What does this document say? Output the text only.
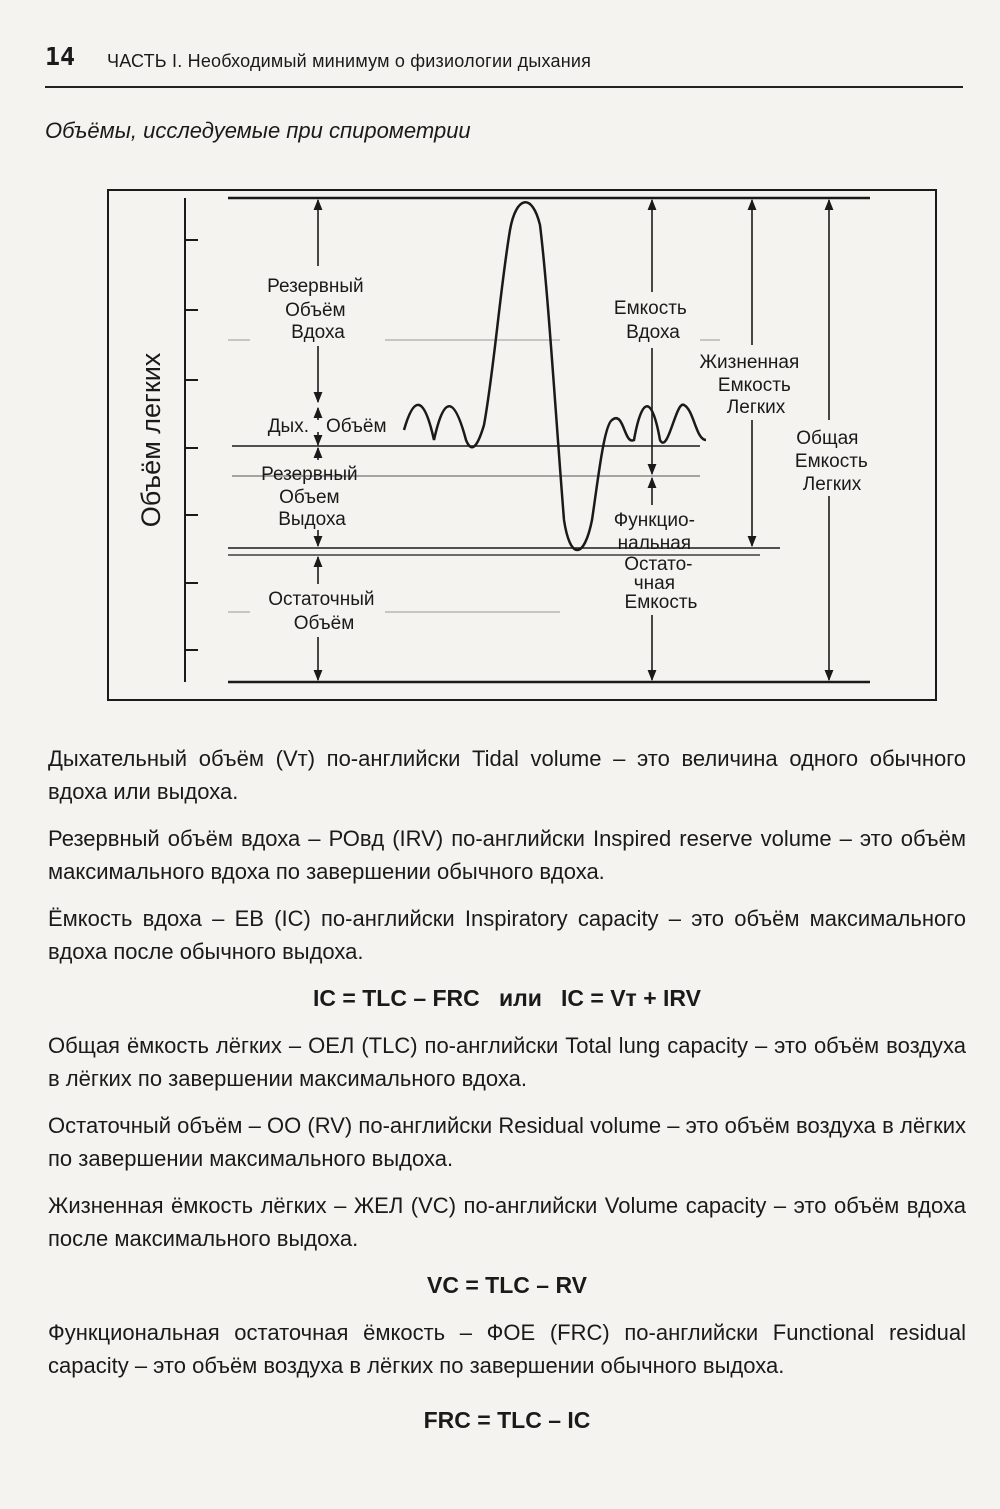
14 ЧАСТЬ I. Необходимый минимум о физиологии дыхания
Объёмы, исследуемые при спирометрии
Объём легких
Резервный Объём Вдоха
Дых. Объём
Резервный Объем Выдоха
Остаточный Объём
Емкость Вдоха
Функцио- нальная Остато- чная Емкость
Жизненная Емкость Легких
Общая Емкость Легких

Дыхательный объём (Vт) по-английски Tidal volume – это величина одного обычного вдоха или выдоха.

Резервный объём вдоха – РОвд (IRV) по-английски Inspired reserve volume – это объём максимального вдоха по завершении обычного вдоха.

Ёмкость вдоха – ЕВ (IC) по-английски Inspiratory capacity – это объём максимального вдоха после обычного выдоха.

IC = TLC – FRC   или   IC = Vт + IRV

Общая ёмкость лёгких – ОЕЛ (TLC) по-английски Total lung capacity – это объём воздуха в лёгких по завершении максимального вдоха.

Остаточный объём – ОО (RV) по-английски Residual volume – это объём воздуха в лёгких по завершении максимального выдоха.

Жизненная ёмкость лёгких – ЖЕЛ (VC) по-английски Volume capacity – это объём вдоха после максимального выдоха.

VC = TLC – RV

Функциональная остаточная ёмкость – ФОЕ (FRC) по-английски Functional residual capacity – это объём воздуха в лёгких по завершении обычного выдоха.

FRC = TLC – IC
